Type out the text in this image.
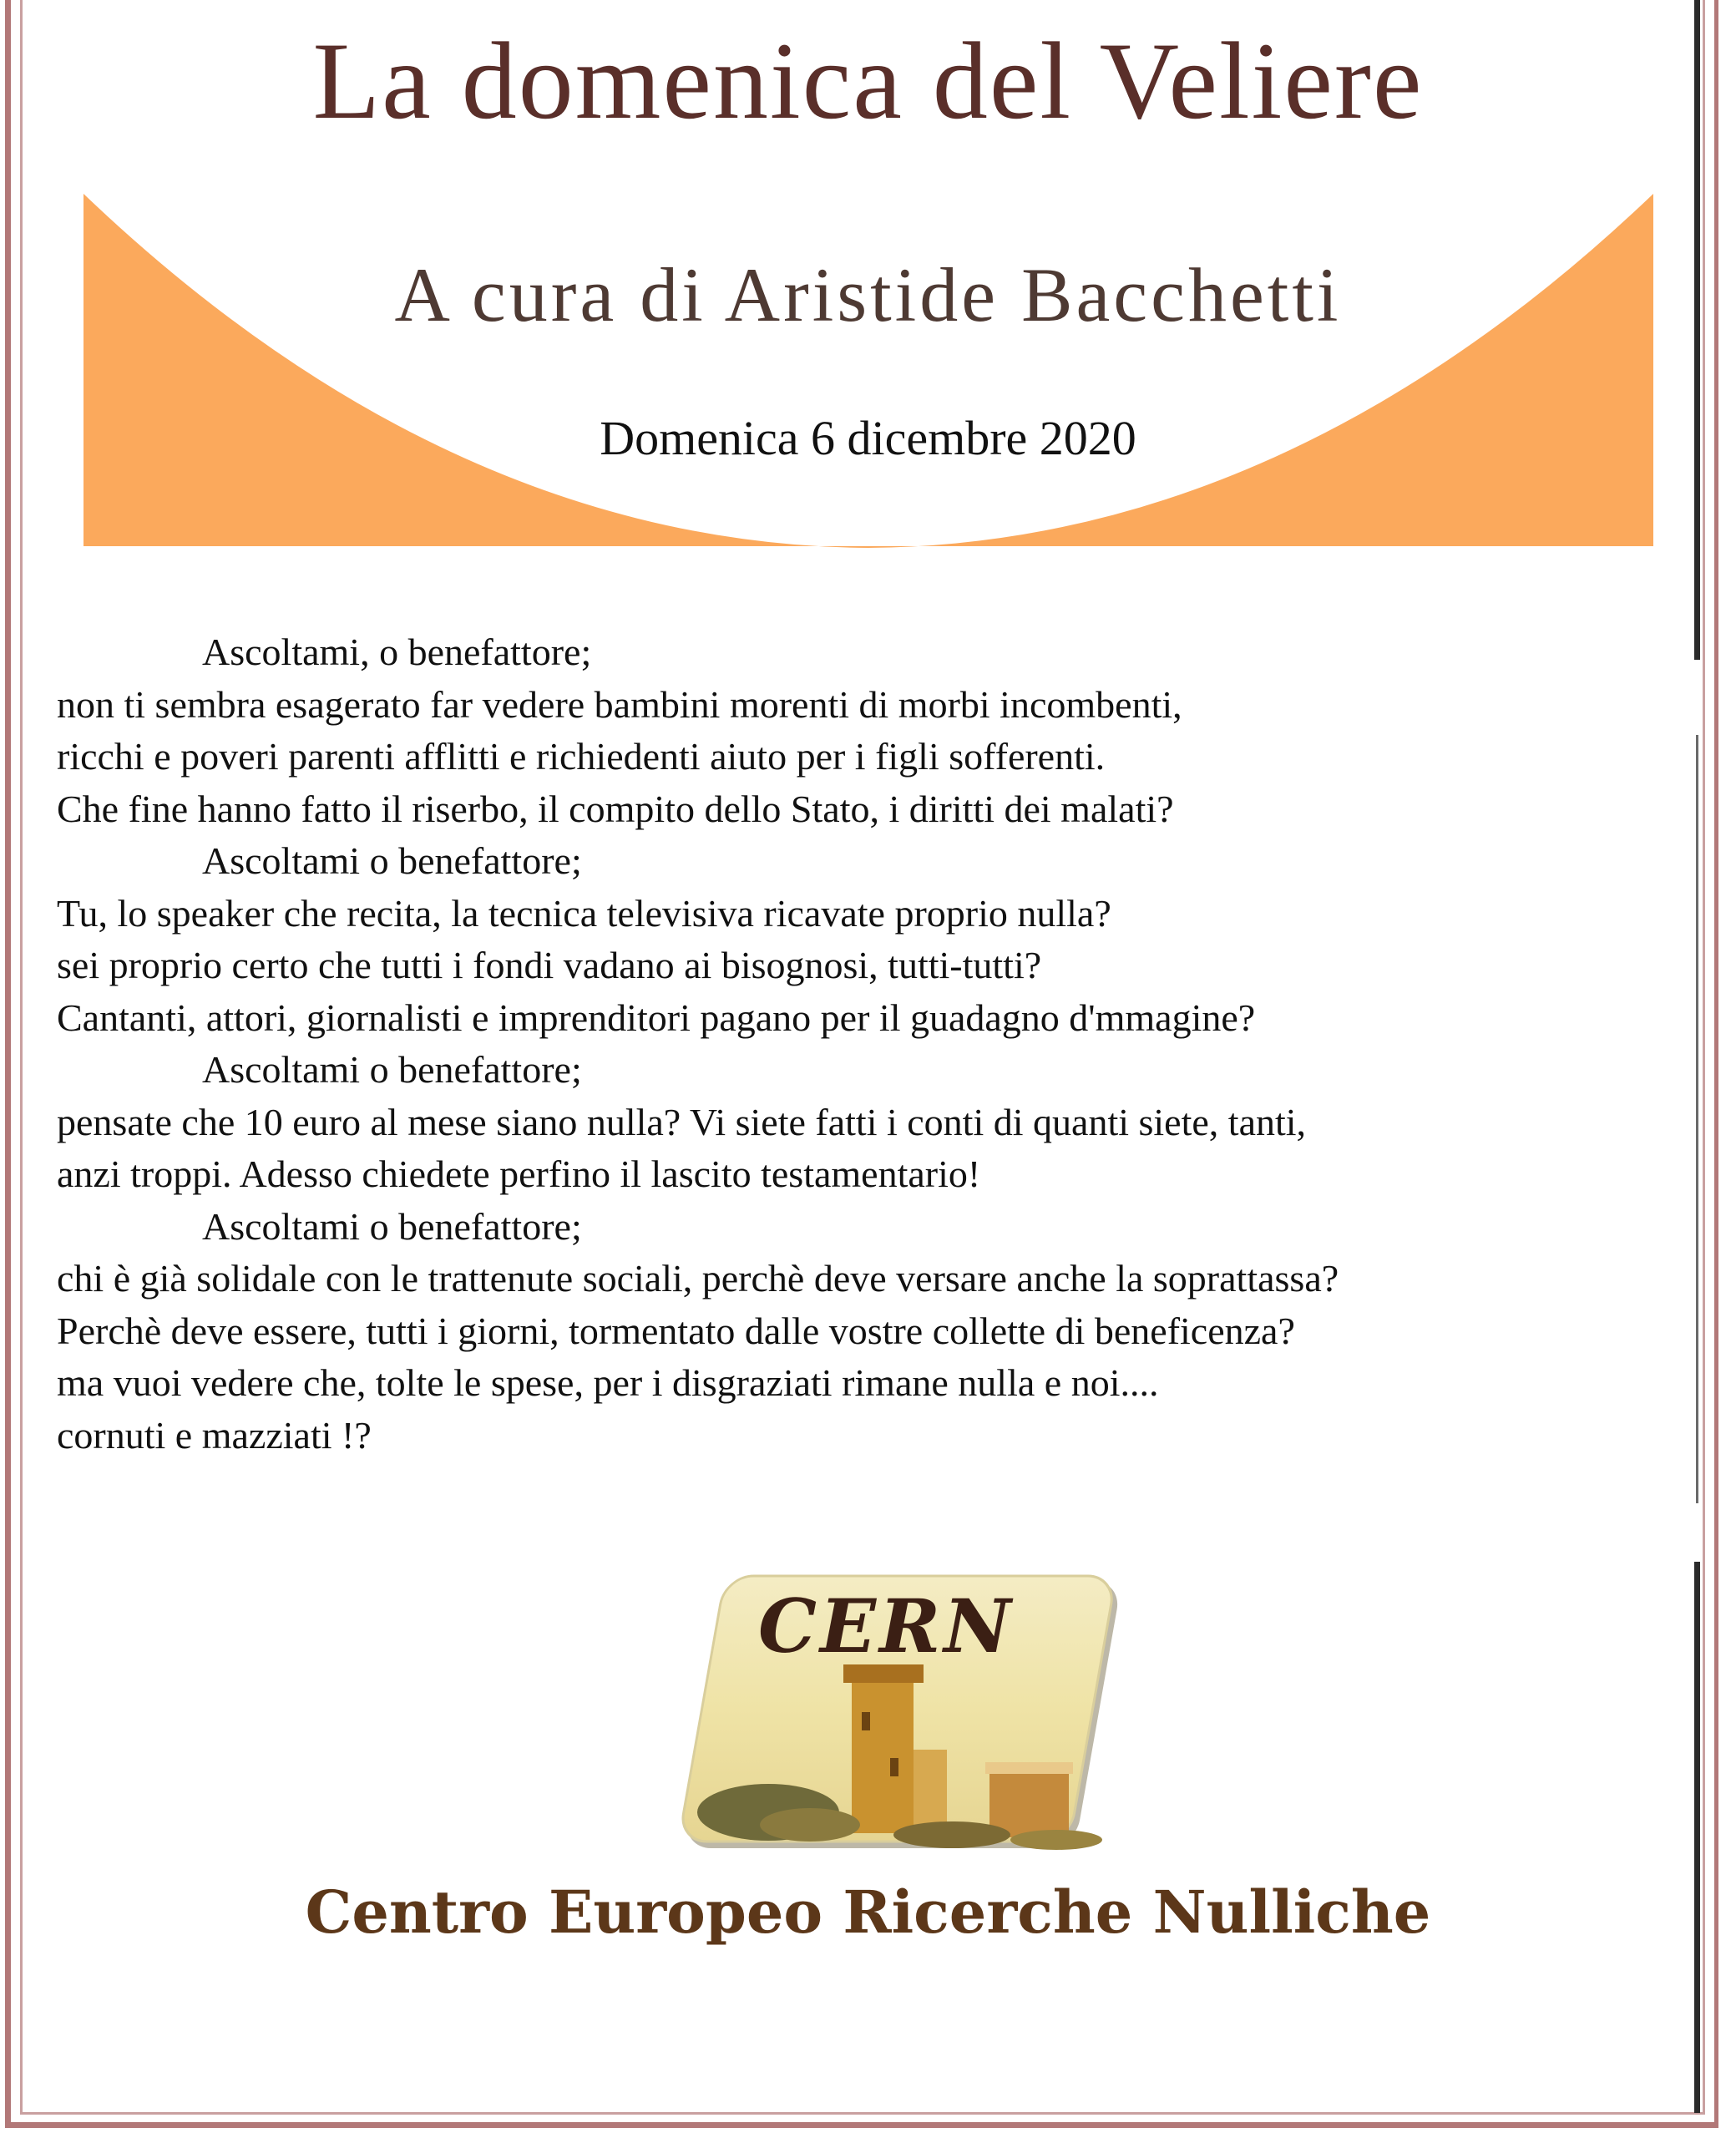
La domenica del Veliere
A cura di Aristide Bacchetti
Domenica 6 dicembre 2020
Ascoltami, o benefattore;
non ti sembra esagerato far vedere bambini morenti di morbi incombenti,
ricchi e poveri parenti afflitti e richiedenti aiuto per i figli sofferenti.
Che fine hanno fatto il riserbo, il compito dello Stato, i diritti dei malati?
Ascoltami o benefattore;
Tu, lo speaker che recita, la tecnica televisiva ricavate proprio nulla?
sei proprio certo che tutti i fondi vadano ai bisognosi, tutti-tutti?
Cantanti, attori, giornalisti e imprenditori pagano per il guadagno d'mmagine?
Ascoltami o benefattore;
pensate che 10 euro al mese siano nulla? Vi siete fatti i conti di quanti siete, tanti,
anzi troppi. Adesso chiedete perfino il lascito testamentario!
Ascoltami o benefattore;
chi è già solidale con le trattenute sociali, perchè deve versare anche la soprattassa?
Perchè deve essere, tutti i giorni, tormentato dalle vostre collette di beneficenza?
ma vuoi vedere che, tolte le spese, per i disgraziati rimane nulla e noi....
cornuti e mazziati !?
CERN
Centro Europeo Ricerche Nulliche
